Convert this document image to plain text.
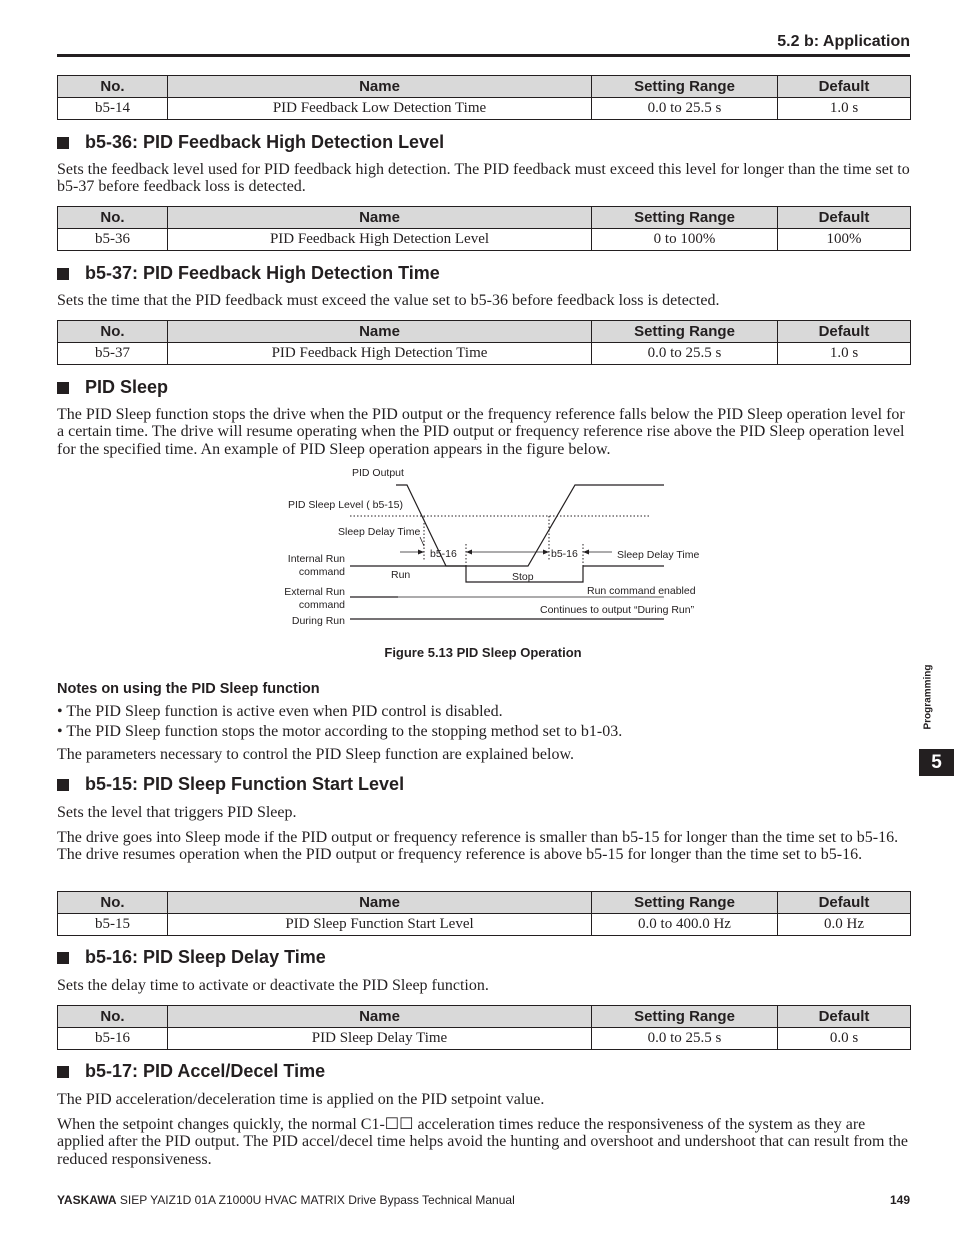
5.2 b: Application
No.	Name	Setting Range	Default
b5-14	PID Feedback Low Detection Time	0.0 to 25.5 s	1.0 s
b5-36: PID Feedback High Detection Level
Sets the feedback level used for PID feedback high detection. The PID feedback must exceed this level for longer than the time set to b5-37 before feedback loss is detected.
No.	Name	Setting Range	Default
b5-36	PID Feedback High Detection Level	0 to 100%	100%
b5-37: PID Feedback High Detection Time
Sets the time that the PID feedback must exceed the value set to b5-36 before feedback loss is detected.
No.	Name	Setting Range	Default
b5-37	PID Feedback High Detection Time	0.0 to 25.5 s	1.0 s
PID Sleep
The PID Sleep function stops the drive when the PID output or the frequency reference falls below the PID Sleep operation level for a certain time. The drive will resume operating when the PID output or frequency reference rise above the PID Sleep operation level for the specified time. An example of PID Sleep operation appears in the figure below.
PID Output
PID Sleep Level ( b5-15)
Sleep Delay Time
b5-16	b5-16	Sleep Delay Time
Internal Run
command	Run	Stop
External Run
command
Run command enabled
During Run
Continues to output “During Run”
Figure 5.13 PID Sleep Operation
Notes on using the PID Sleep function
• The PID Sleep function is active even when PID control is disabled.
• The PID Sleep function stops the motor according to the stopping method set to b1-03.
The parameters necessary to control the PID Sleep function are explained below.
b5-15: PID Sleep Function Start Level
Sets the level that triggers PID Sleep.
The drive goes into Sleep mode if the PID output or frequency reference is smaller than b5-15 for longer than the time set to b5-16. The drive resumes operation when the PID output or frequency reference is above b5-15 for longer than the time set to b5-16.
No.	Name	Setting Range	Default
b5-15	PID Sleep Function Start Level	0.0 to 400.0 Hz	0.0 Hz
b5-16: PID Sleep Delay Time
Sets the delay time to activate or deactivate the PID Sleep function.
No.	Name	Setting Range	Default
b5-16	PID Sleep Delay Time	0.0 to 25.5 s	0.0 s
b5-17: PID Accel/Decel Time
The PID acceleration/deceleration time is applied on the PID setpoint value.
When the setpoint changes quickly, the normal C1-☐☐ acceleration times reduce the responsiveness of the system as they are applied after the PID output. The PID accel/decel time helps avoid the hunting and overshoot and undershoot that can result from the reduced responsiveness.
Programming
5
YASKAWA SIEP YAIZ1D 01A Z1000U HVAC MATRIX Drive Bypass Technical Manual	149
